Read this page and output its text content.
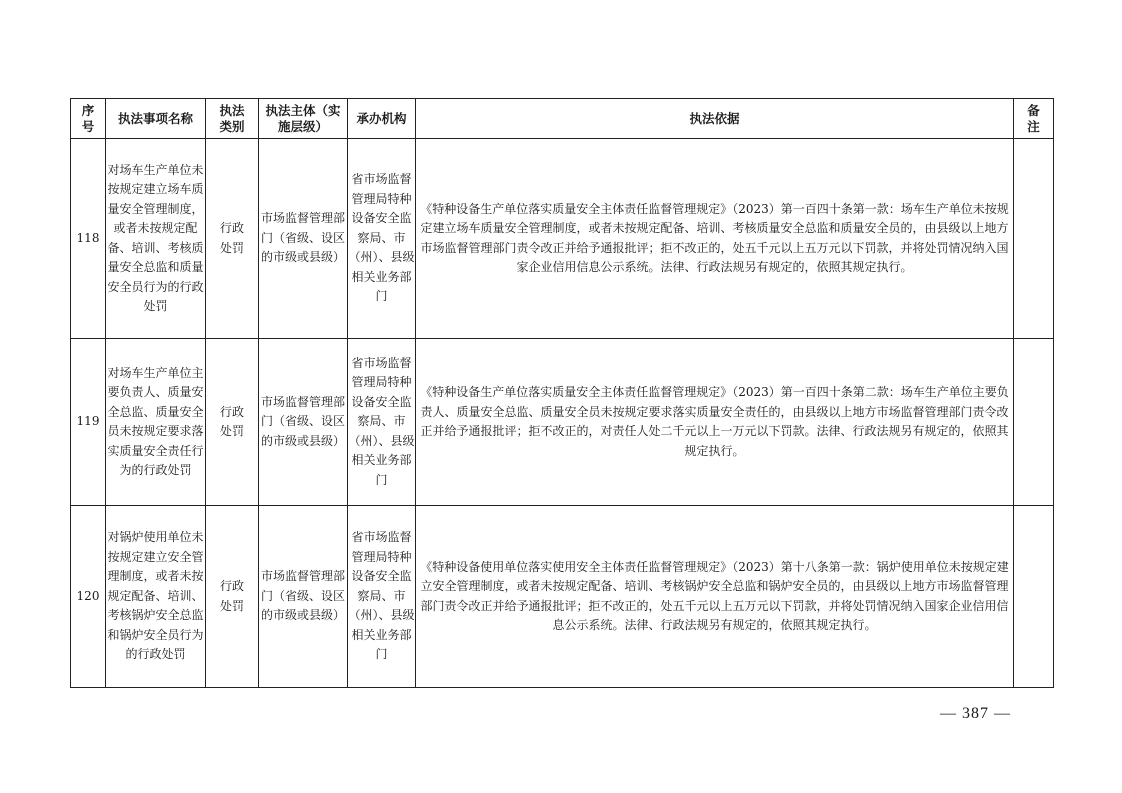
序号	执法事项名称	执法类别	执法主体（实施层级）	承办机构	执法依据	备注
118	对场车生产单位未按规定建立场车质量安全管理制度，或者未按规定配备、培训、考核质量安全总监和质量安全员行为的行政处罚	行政处罚	市场监督管理部门（省级、设区的市级或县级）	省市场监督管理局特种设备安全监察局、市（州）、县级相关业务部门	《特种设备生产单位落实质量安全主体责任监督管理规定》（2023）第一百四十条第一款：场车生产单位未按规定建立场车质量安全管理制度，或者未按规定配备、培训、考核质量安全总监和质量安全员的，由县级以上地方市场监督管理部门责令改正并给予通报批评；拒不改正的，处五千元以上五万元以下罚款，并将处罚情况纳入国家企业信用信息公示系统。法律、行政法规另有规定的，依照其规定执行。	
119	对场车生产单位主要负责人、质量安全总监、质量安全员未按规定要求落实质量安全责任行为的行政处罚	行政处罚	市场监督管理部门（省级、设区的市级或县级）	省市场监督管理局特种设备安全监察局、市（州）、县级相关业务部门	《特种设备生产单位落实质量安全主体责任监督管理规定》（2023）第一百四十条第二款：场车生产单位主要负责人、质量安全总监、质量安全员未按规定要求落实质量安全责任的，由县级以上地方市场监督管理部门责令改正并给予通报批评；拒不改正的，对责任人处二千元以上一万元以下罚款。法律、行政法规另有规定的，依照其规定执行。	
120	对锅炉使用单位未按规定建立安全管理制度，或者未按规定配备、培训、考核锅炉安全总监和锅炉安全员行为的行政处罚	行政处罚	市场监督管理部门（省级、设区的市级或县级）	省市场监督管理局特种设备安全监察局、市（州）、县级相关业务部门	《特种设备使用单位落实使用安全主体责任监督管理规定》（2023）第十八条第一款：锅炉使用单位未按规定建立安全管理制度，或者未按规定配备、培训、考核锅炉安全总监和锅炉安全员的，由县级以上地方市场监督管理部门责令改正并给予通报批评；拒不改正的，处五千元以上五万元以下罚款，并将处罚情况纳入国家企业信用信息公示系统。法律、行政法规另有规定的，依照其规定执行。	
— 387 —
